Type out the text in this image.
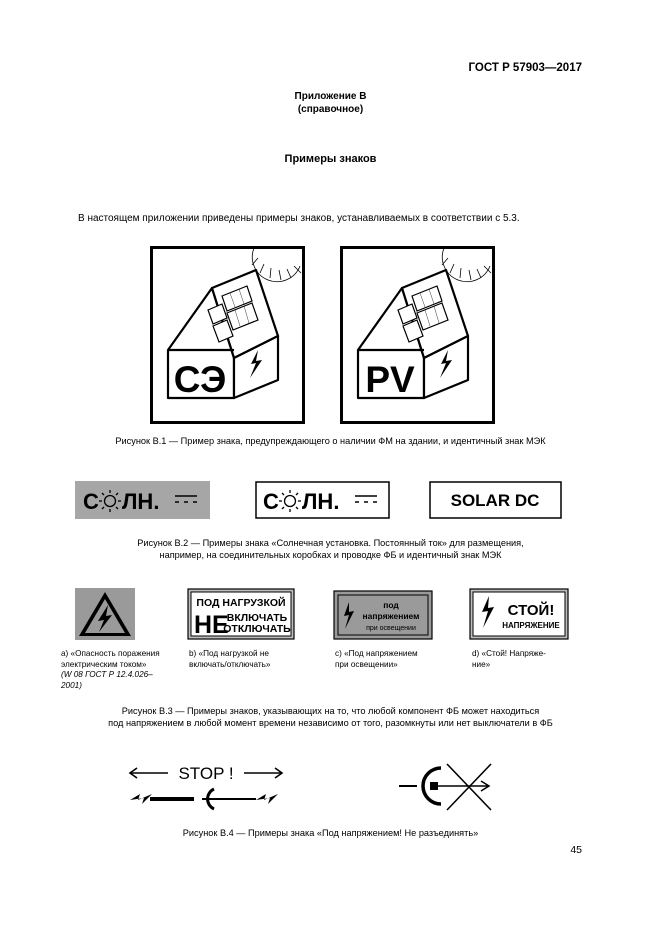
ГОСТ Р 57903—2017
Приложение В
(справочное)
Примеры знаков
В настоящем приложении приведены примеры знаков, устанавливаемых в соответствии с 5.3.
СЭ	PV
Рисунок В.1 — Пример знака, предупреждающего о наличии ФМ на здании, и идентичный знак МЭК
С ЛН.	С ЛН.	SOLAR DC
Рисунок В.2 — Примеры знака «Солнечная установка. Постоянный ток» для размещения,
например, на соединительных коробках и проводке ФБ и идентичный знак МЭК
ПОД НАГРУЗКОЙ
НЕ
ВКЛЮЧАТЬ
ОТКЛЮЧАТЬ
под
напряжением
при освещении
СТОЙ!
НАПРЯЖЕНИЕ
а) «Опасность поражения
электрическим током»
(W 08 ГОСТ Р 12.4.026–
2001)
b) «Под нагрузкой не
включать/отключать»
c) «Под напряжением
при освещении»
d) «Стой! Напряже-
ние»
Рисунок В.3 — Примеры знаков, указывающих на то, что любой компонент ФБ может находиться
под напряжением в любой момент времени независимо от того, разомкнуты или нет выключатели в ФБ
STOP !
Рисунок В.4 — Примеры знака «Под напряжением! Не разъединять»
45
